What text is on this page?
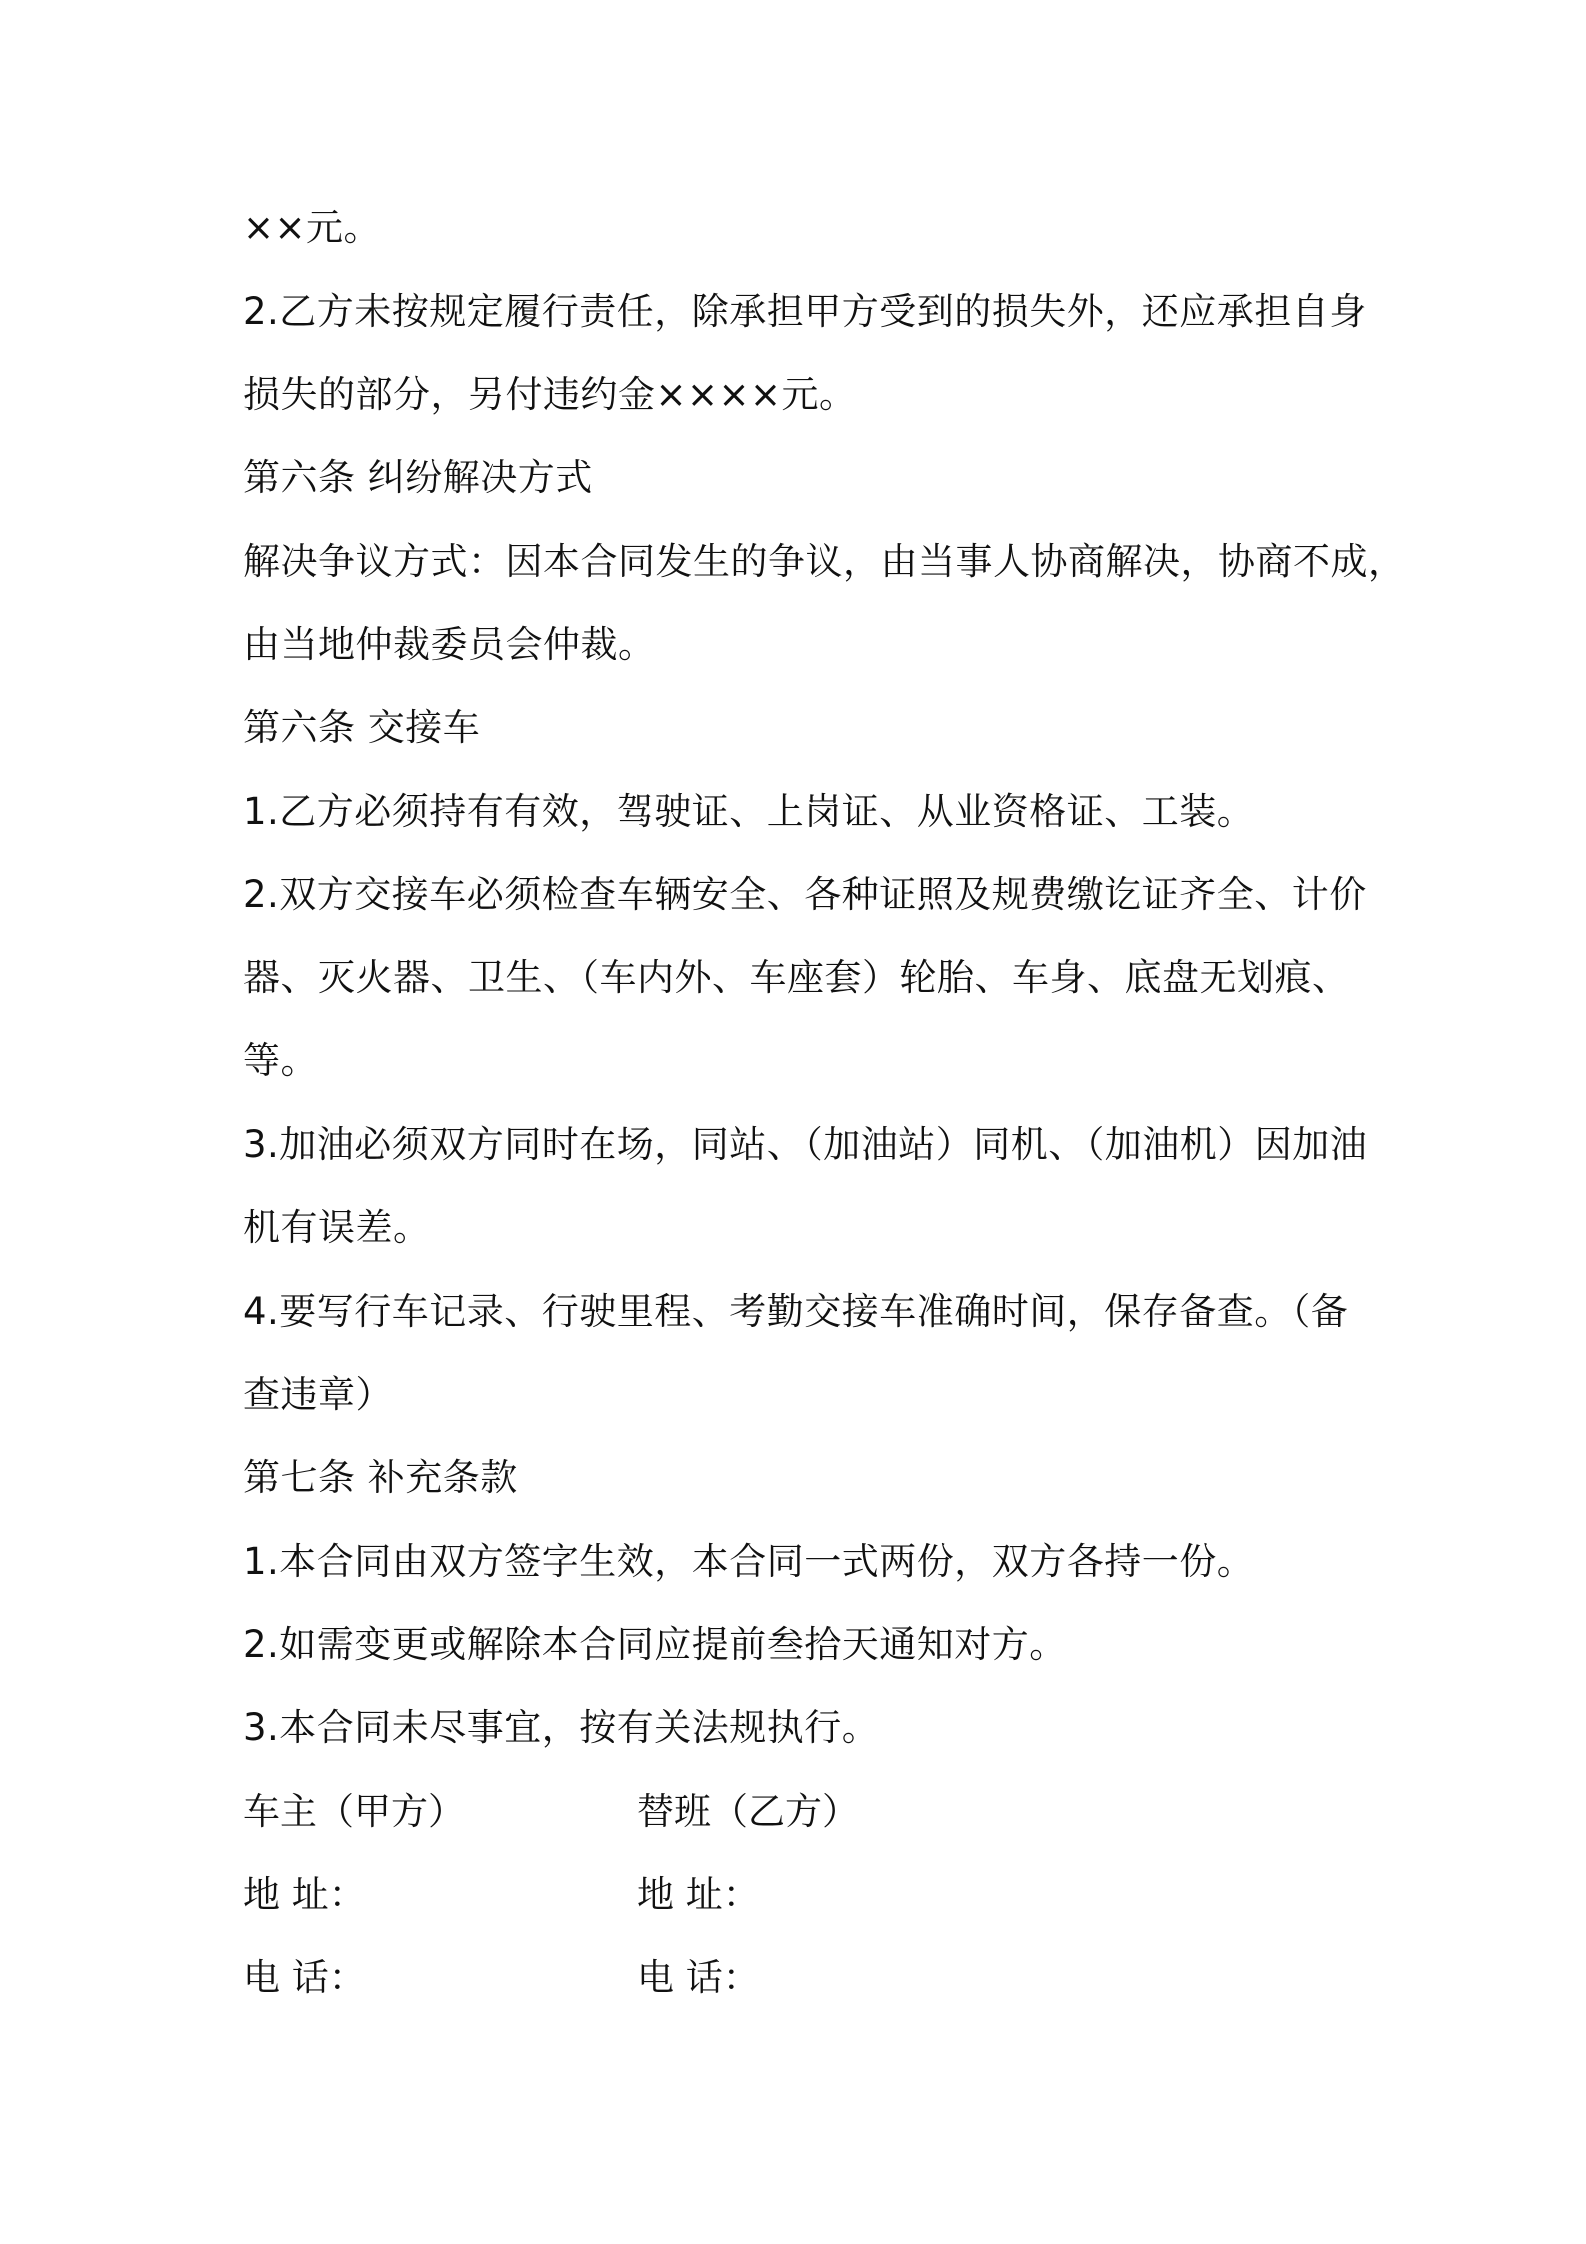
××元。
2.乙方未按规定履行责任，除承担甲方受到的损失外，还应承担自身
损失的部分，另付违约金××××元。
第六条 纠纷解决方式
解决争议方式：因本合同发生的争议，由当事人协商解决，协商不成，
由当地仲裁委员会仲裁。
第六条 交接车
1.乙方必须持有有效，驾驶证、上岗证、从业资格证、工装。
2.双方交接车必须检查车辆安全、各种证照及规费缴讫证齐全、计价
器、灭火器、卫生、（车内外、车座套）轮胎、车身、底盘无划痕、
等。
3.加油必须双方同时在场，同站、（加油站）同机、（加油机）因加油
机有误差。
4.要写行车记录、行驶里程、考勤交接车准确时间，保存备查。（备
查违章）
第七条 补充条款
1.本合同由双方签字生效，本合同一式两份，双方各持一份。
2.如需变更或解除本合同应提前叁拾天通知对方。
3.本合同未尽事宜，按有关法规执行。
车主（甲方）	替班（乙方）
地 址：	地 址：
电 话：	电 话：
